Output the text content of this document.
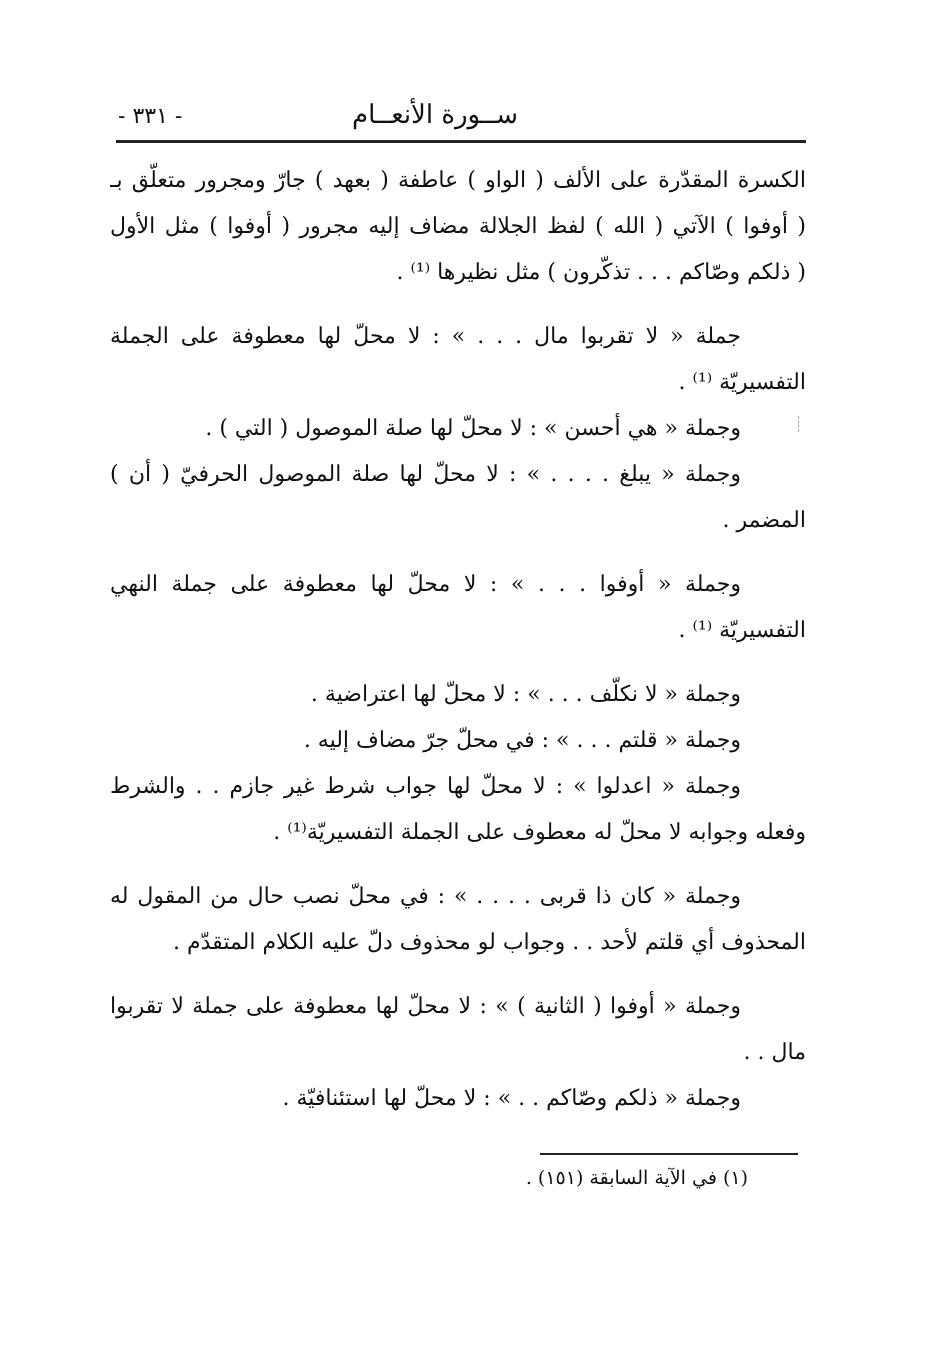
ســورة الأنعــام
- ٣٣١ -
الكسرة المقدّرة على الألف ( الواو ) عاطفة ( بعهد ) جارّ ومجرور متعلّق بـ
( أوفوا ) الآتي ( الله ) لفظ الجلالة مضاف إليه مجرور ( أوفوا ) مثل الأول
( ذلكم وصّاكم . . . تذكّرون ) مثل نظيرها ⁽¹⁾ .
جملة « لا تقربوا مال . . . » : لا محلّ لها معطوفة على الجملة
التفسيريّة ⁽¹⁾ .
وجملة « هي أحسن » : لا محلّ لها صلة الموصول ( التي ) .
وجملة « يبلغ . . . . » : لا محلّ لها صلة الموصول الحرفيّ ( أن )
المضمر .
وجملة « أوفوا . . . » : لا محلّ لها معطوفة على جملة النهي
التفسيريّة ⁽¹⁾ .
وجملة « لا نكلّف . . . » : لا محلّ لها اعتراضية .
وجملة « قلتم . . . » : في محلّ جرّ مضاف إليه .
وجملة « اعدلوا » : لا محلّ لها جواب شرط غير جازم . . والشرط
وفعله وجوابه لا محلّ له معطوف على الجملة التفسيريّة⁽¹⁾ .
وجملة « كان ذا قربى . . . . » : في محلّ نصب حال من المقول له
المحذوف أي قلتم لأحد . . وجواب لو محذوف دلّ عليه الكلام المتقدّم .
وجملة « أوفوا ( الثانية ) » : لا محلّ لها معطوفة على جملة لا تقربوا
مال . .
وجملة « ذلكم وصّاكم . . » : لا محلّ لها استئنافيّة .
(١) في الآية السابقة (١٥١) .
